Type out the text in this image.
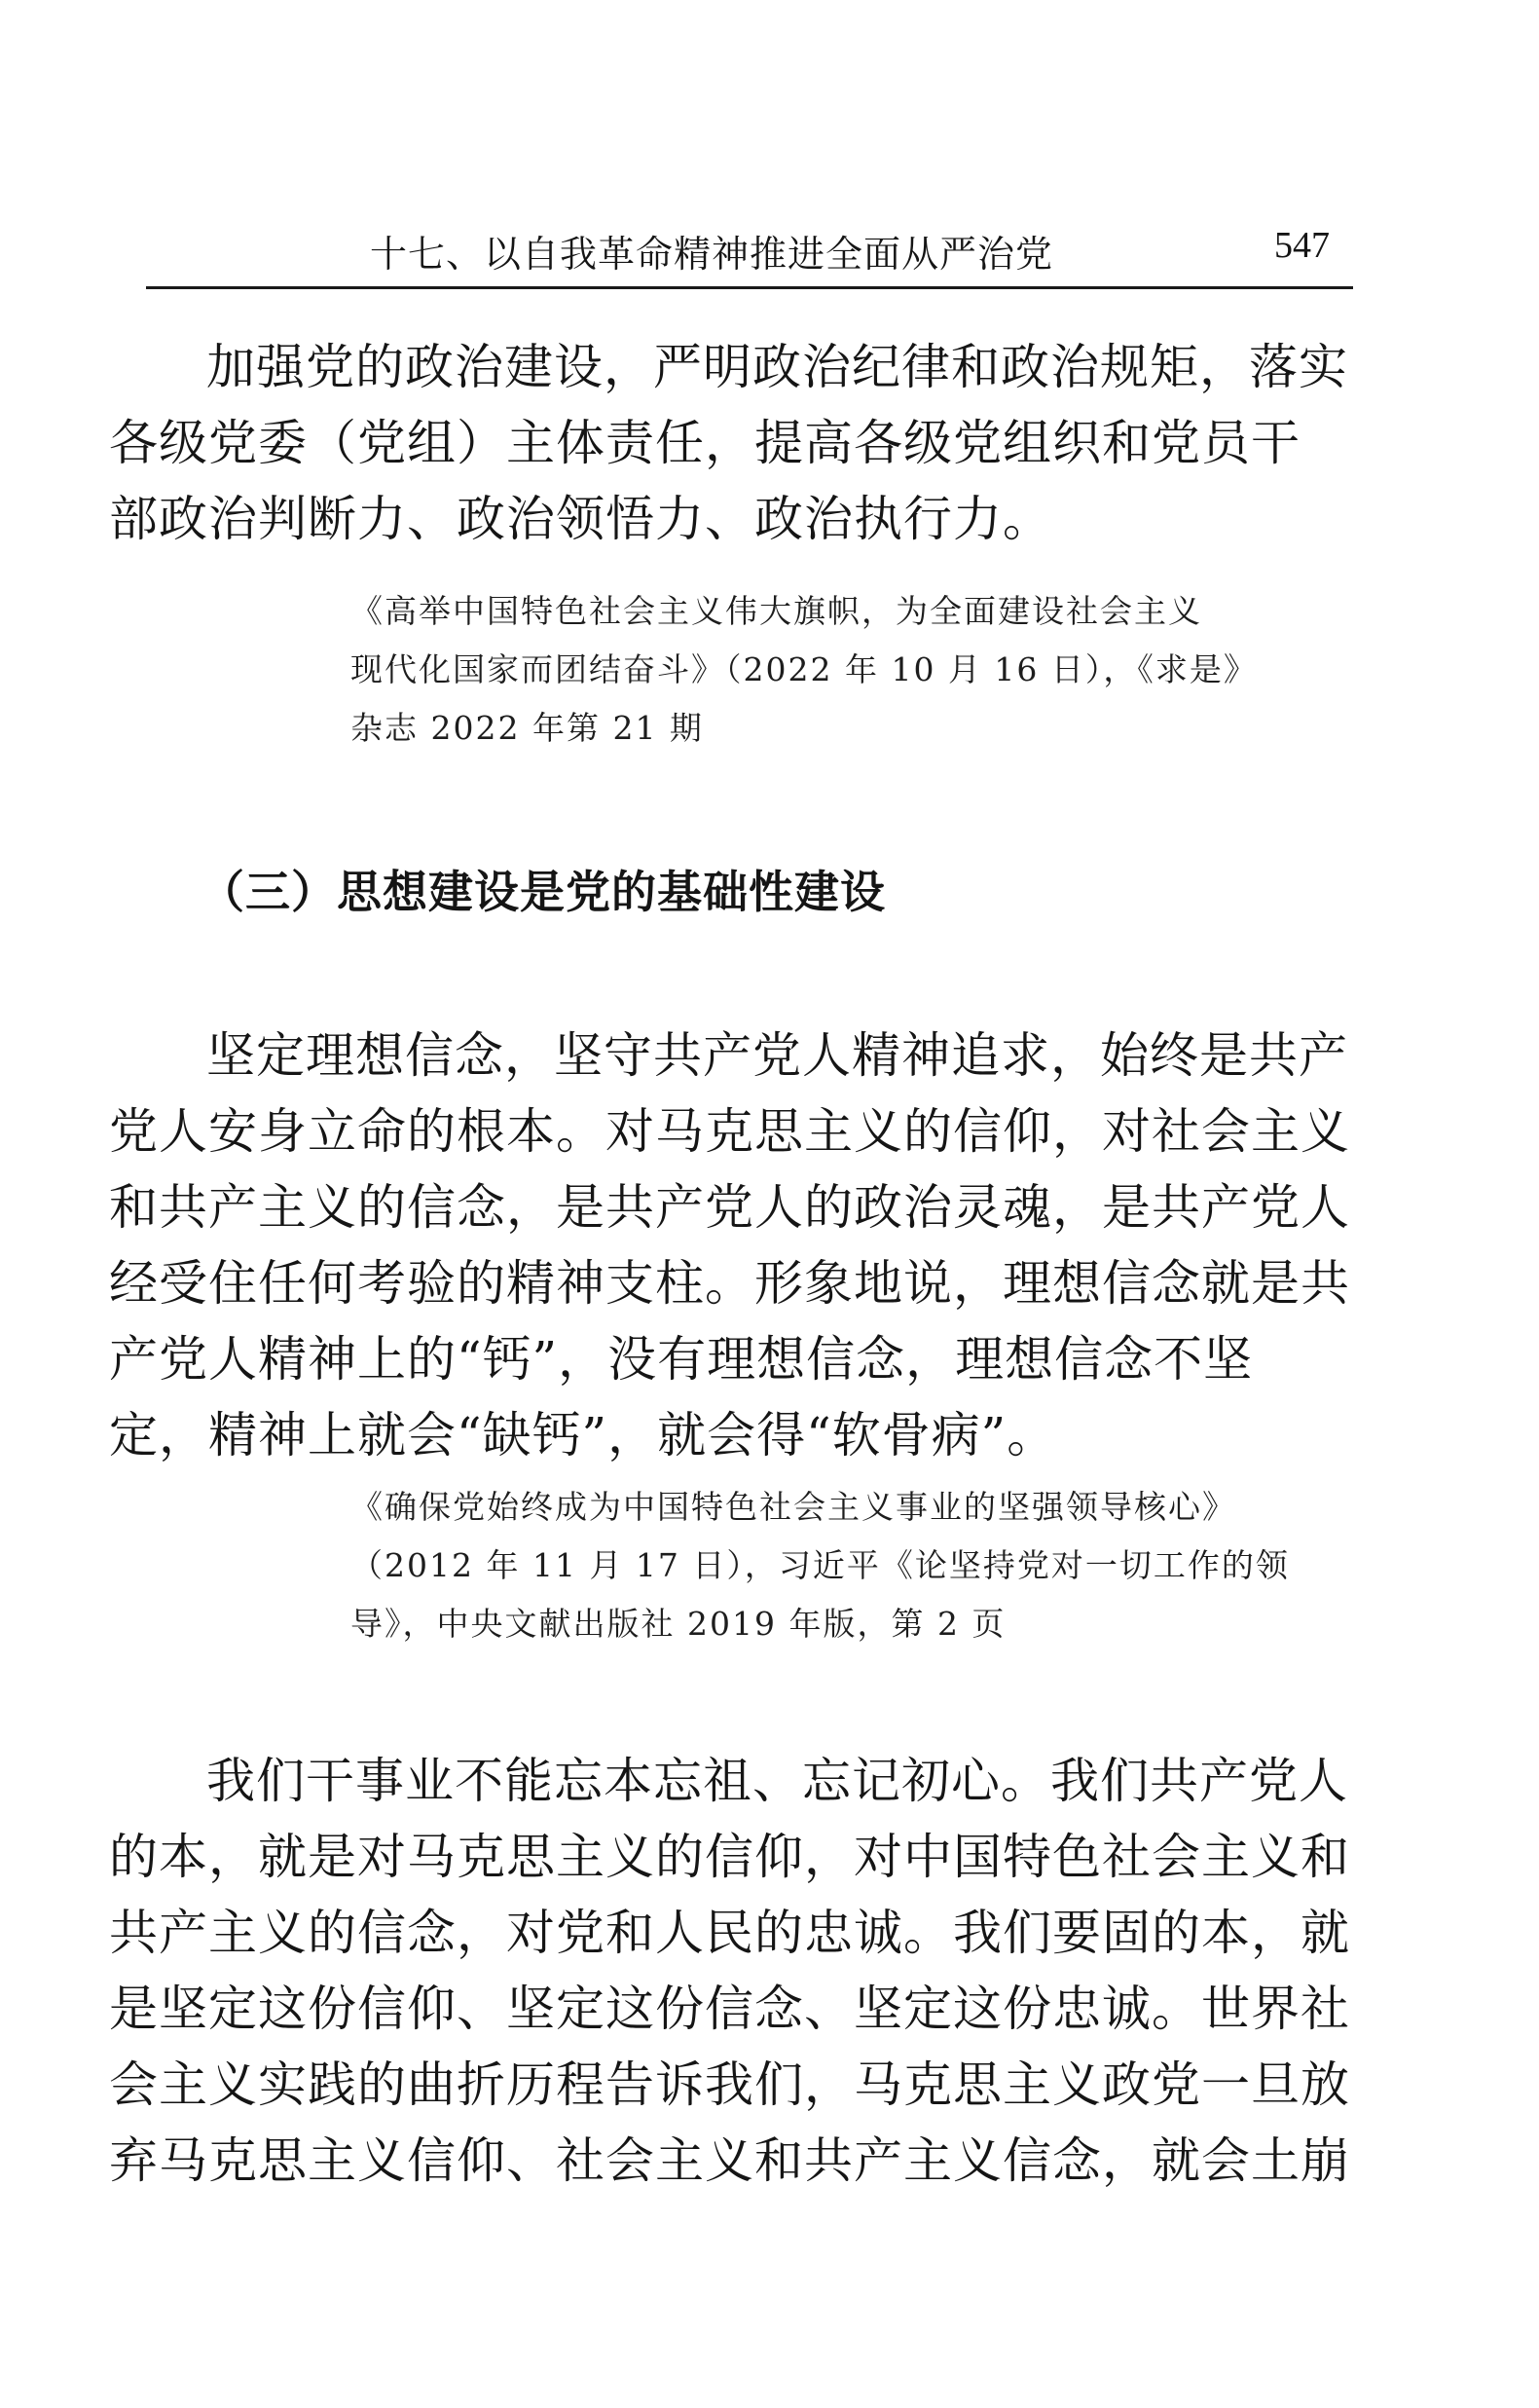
十七、以自我革命精神推进全面从严治党	547

加强党的政治建设，严明政治纪律和政治规矩，落实
各级党委（党组）主体责任，提高各级党组织和党员干
部政治判断力、政治领悟力、政治执行力。

《高举中国特色社会主义伟大旗帜，为全面建设社会主义
现代化国家而团结奋斗》（2022 年 10 月 16 日），《求是》
杂志 2022 年第 21 期

（三）思想建设是党的基础性建设

坚定理想信念，坚守共产党人精神追求，始终是共产
党人安身立命的根本。对马克思主义的信仰，对社会主义
和共产主义的信念，是共产党人的政治灵魂，是共产党人
经受住任何考验的精神支柱。形象地说，理想信念就是共
产党人精神上的“钙”，没有理想信念，理想信念不坚
定，精神上就会“缺钙”，就会得“软骨病”。

《确保党始终成为中国特色社会主义事业的坚强领导核心》
（2012 年 11 月 17 日），习近平《论坚持党对一切工作的领
导》，中央文献出版社 2019 年版，第 2 页

我们干事业不能忘本忘祖、忘记初心。我们共产党人
的本，就是对马克思主义的信仰，对中国特色社会主义和
共产主义的信念，对党和人民的忠诚。我们要固的本，就
是坚定这份信仰、坚定这份信念、坚定这份忠诚。世界社
会主义实践的曲折历程告诉我们，马克思主义政党一旦放
弃马克思主义信仰、社会主义和共产主义信念，就会土崩
